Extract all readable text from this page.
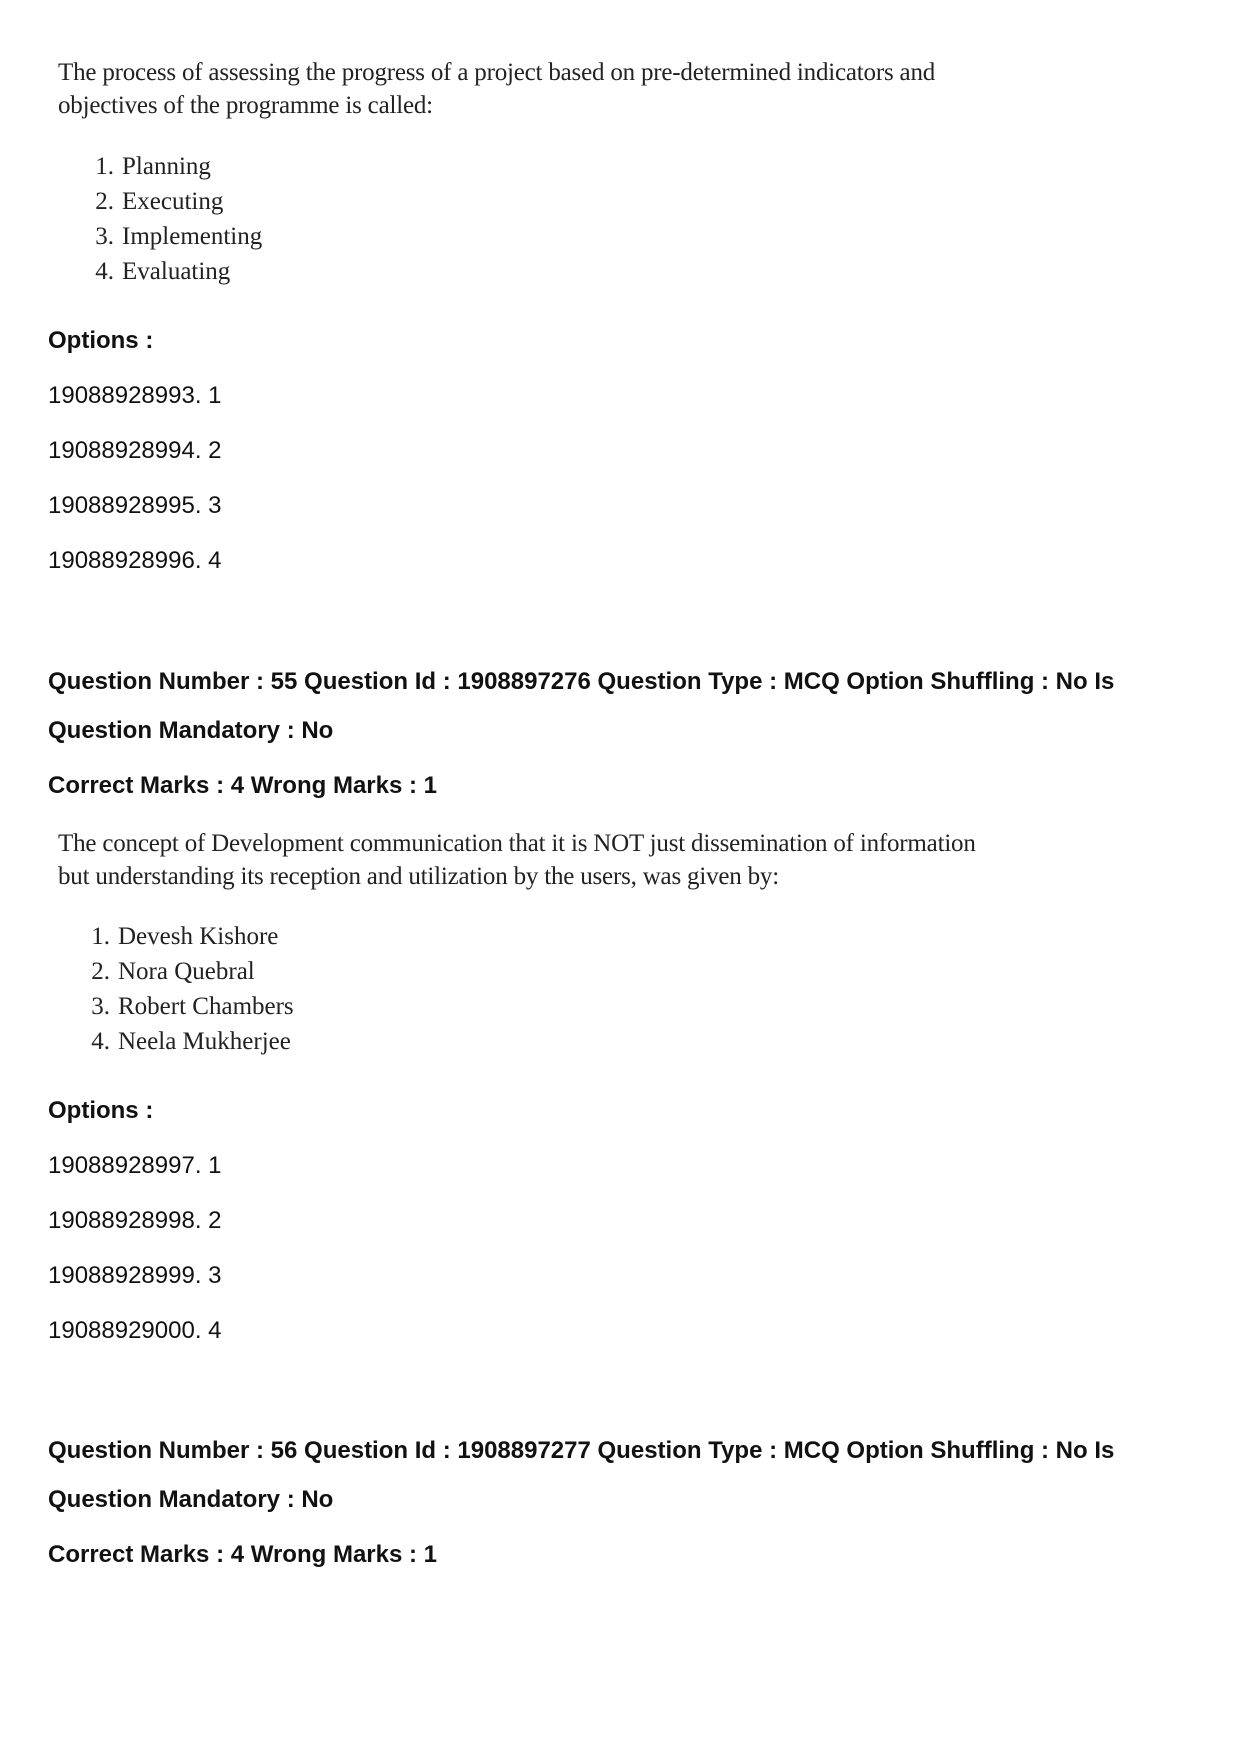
The process of assessing the progress of a project based on pre-determined indicators and
objectives of the programme is called:
1. Planning
2. Executing
3. Implementing
4. Evaluating
Options :
19088928993. 1
19088928994. 2
19088928995. 3
19088928996. 4
Question Number : 55 Question Id : 1908897276 Question Type : MCQ Option Shuffling : No Is
Question Mandatory : No
Correct Marks : 4 Wrong Marks : 1
The concept of Development communication that it is NOT just dissemination of information
but understanding its reception and utilization by the users, was given by:
1. Devesh Kishore
2. Nora Quebral
3. Robert Chambers
4. Neela Mukherjee
Options :
19088928997. 1
19088928998. 2
19088928999. 3
19088929000. 4
Question Number : 56 Question Id : 1908897277 Question Type : MCQ Option Shuffling : No Is
Question Mandatory : No
Correct Marks : 4 Wrong Marks : 1
